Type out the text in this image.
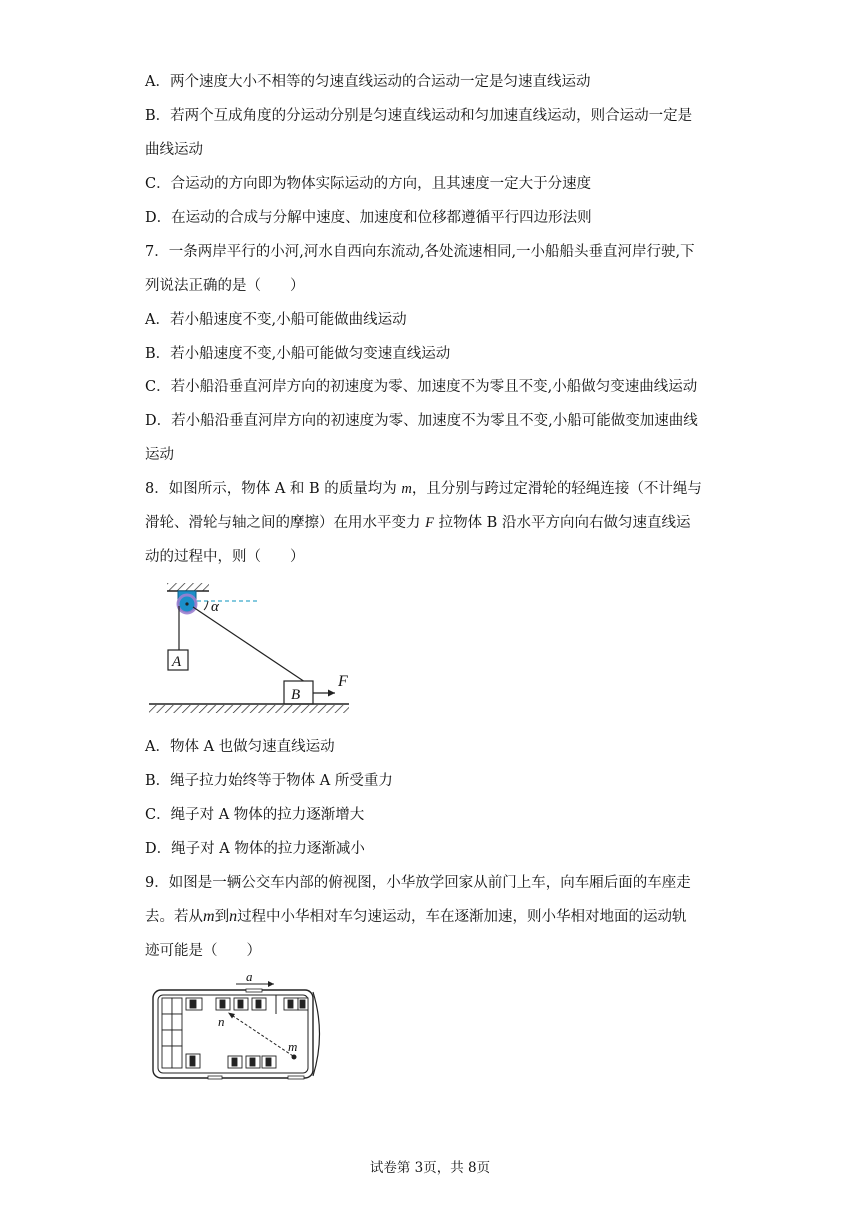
A．两个速度大小不相等的匀速直线运动的合运动一定是匀速直线运动
B．若两个互成角度的分运动分别是匀速直线运动和匀加速直线运动，则合运动一定是
曲线运动
C．合运动的方向即为物体实际运动的方向，且其速度一定大于分速度
D．在运动的合成与分解中速度、加速度和位移都遵循平行四边形法则
7．一条两岸平行的小河,河水自西向东流动,各处流速相同,一小船船头垂直河岸行驶,下
列说法正确的是（　　）
A．若小船速度不变,小船可能做曲线运动
B．若小船速度不变,小船可能做匀变速直线运动
C．若小船沿垂直河岸方向的初速度为零、加速度不为零且不变,小船做匀变速曲线运动
D．若小船沿垂直河岸方向的初速度为零、加速度不为零且不变,小船可能做变加速曲线
运动
8．如图所示，物体 A 和 B 的质量均为 m，且分别与跨过定滑轮的轻绳连接（不计绳与
滑轮、滑轮与轴之间的摩擦）在用水平变力 F 拉物体 B 沿水平方向向右做匀速直线运
动的过程中，则（　　）
α
A
B
F
A．物体 A 也做匀速直线运动
B．绳子拉力始终等于物体 A 所受重力
C．绳子对 A 物体的拉力逐渐增大
D．绳子对 A 物体的拉力逐渐减小
9．如图是一辆公交车内部的俯视图，小华放学回家从前门上车，向车厢后面的车座走
去。若从m到n过程中小华相对车匀速运动，车在逐渐加速，则小华相对地面的运动轨
迹可能是（　　）
a
n
m
试卷第 3页，共 8页
